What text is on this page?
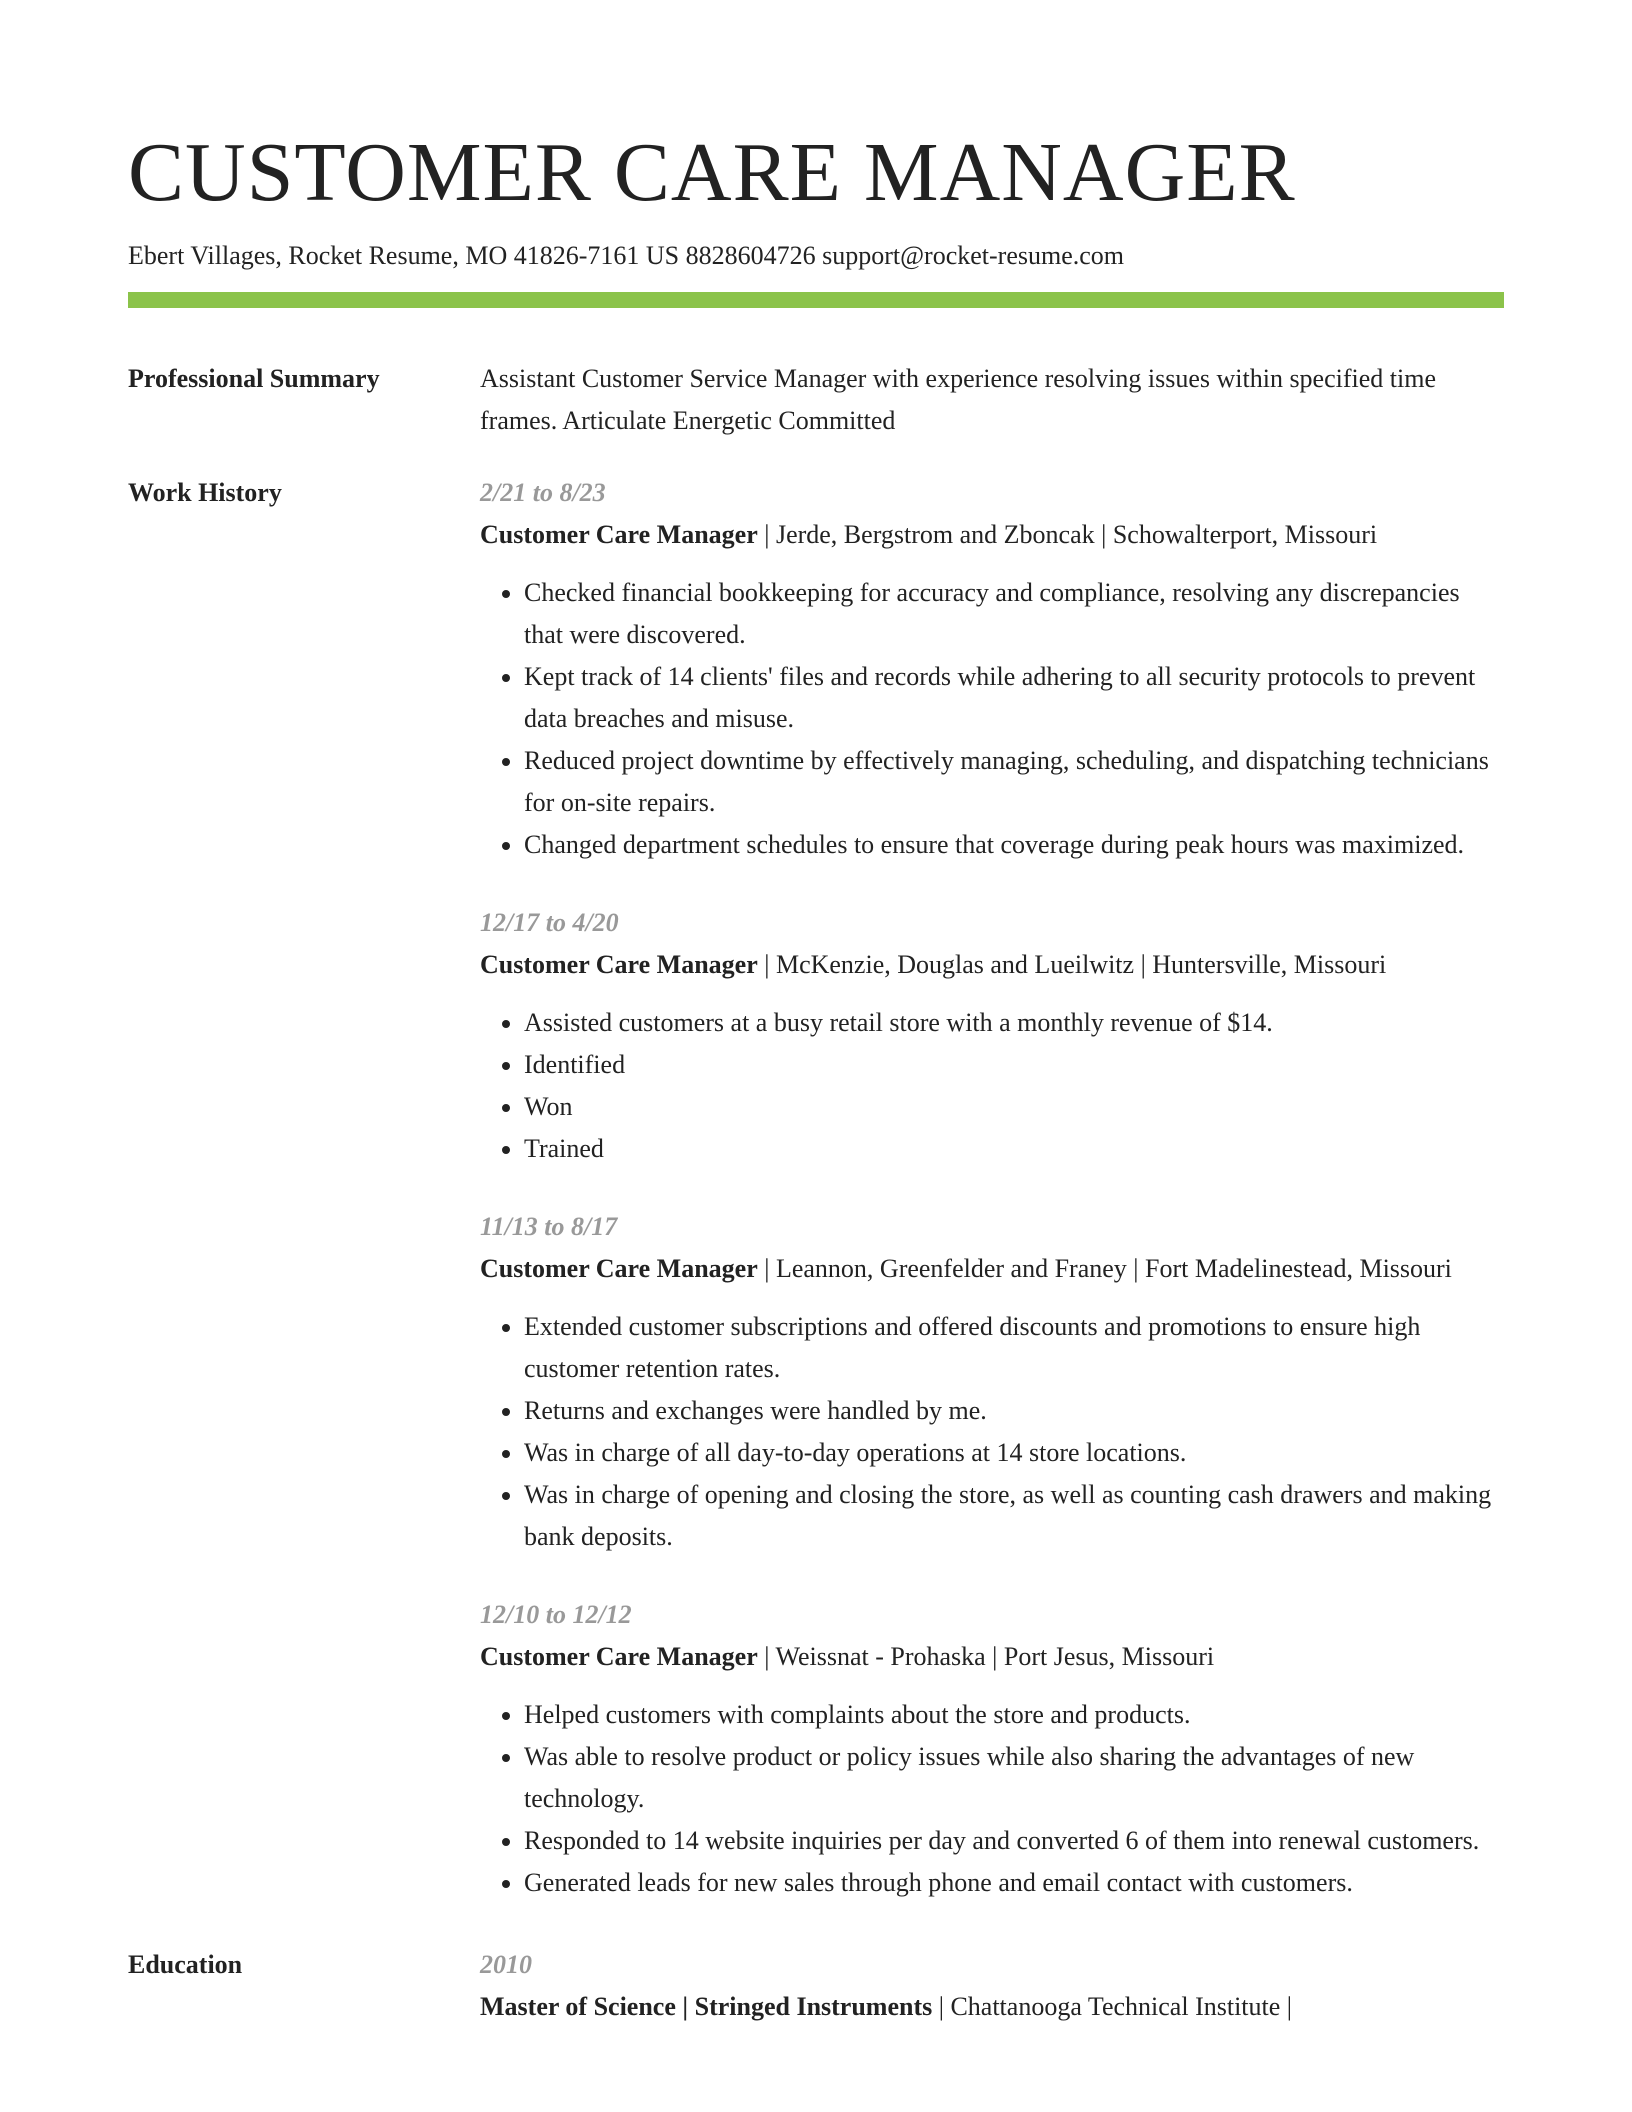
CUSTOMER CARE MANAGER
Ebert Villages, Rocket Resume, MO 41826-7161 US 8828604726 support@rocket-resume.com
Professional Summary	Assistant Customer Service Manager with experience resolving issues within specified time frames. Articulate Energetic Committed

Work History	2/21 to 8/23
Customer Care Manager | Jerde, Bergstrom and Zboncak | Schowalterport, Missouri
• Checked financial bookkeeping for accuracy and compliance, resolving any discrepancies that were discovered.
• Kept track of 14 clients' files and records while adhering to all security protocols to prevent data breaches and misuse.
• Reduced project downtime by effectively managing, scheduling, and dispatching technicians for on-site repairs.
• Changed department schedules to ensure that coverage during peak hours was maximized.
12/17 to 4/20
Customer Care Manager | McKenzie, Douglas and Lueilwitz | Huntersville, Missouri
• Assisted customers at a busy retail store with a monthly revenue of $14.
• Identified
• Won
• Trained
11/13 to 8/17
Customer Care Manager | Leannon, Greenfelder and Franey | Fort Madelinestead, Missouri
• Extended customer subscriptions and offered discounts and promotions to ensure high customer retention rates.
• Returns and exchanges were handled by me.
• Was in charge of all day-to-day operations at 14 store locations.
• Was in charge of opening and closing the store, as well as counting cash drawers and making bank deposits.
12/10 to 12/12
Customer Care Manager | Weissnat - Prohaska | Port Jesus, Missouri
• Helped customers with complaints about the store and products.
• Was able to resolve product or policy issues while also sharing the advantages of new technology.
• Responded to 14 website inquiries per day and converted 6 of them into renewal customers.
• Generated leads for new sales through phone and email contact with customers.
Education	2010
Master of Science | Stringed Instruments | Chattanooga Technical Institute |
